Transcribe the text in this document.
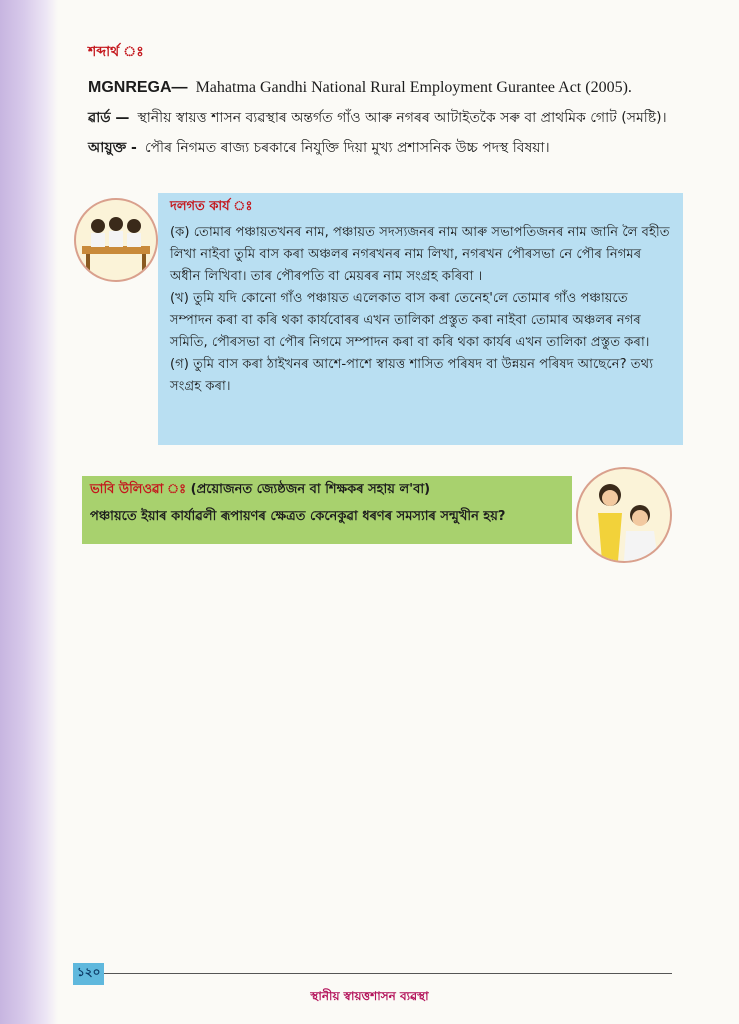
শব্দাৰ্থ ঃ
MGNREGA— Mahatma Gandhi National Rural Employment Gurantee Act (2005).
ৱাৰ্ড — স্থানীয় স্বায়ত্ত শাসন ব্যৱস্থাৰ অন্তৰ্গত গাঁও আৰু নগৰৰ আটাইতকৈ সৰু বা প্ৰাথমিক গোট (সমষ্টি)।
আয়ুক্ত - পৌৰ নিগমত ৰাজ্য চৰকাৰে নিযুক্তি দিয়া মুখ্য প্ৰশাসনিক উচ্চ পদস্থ বিষয়া।
দলগত কাৰ্য ঃ

(ক) তোমাৰ পঞ্চায়তখনৰ নাম, পঞ্চায়ত সদস্যজনৰ নাম আৰু সভাপতিজনৰ নাম জানি লৈ বহীত লিখা নাইবা তুমি বাস কৰা অঞ্চলৰ নগৰখনৰ নাম লিখা, নগৰখন পৌৰসভা নে পৌৰ নিগমৰ অধীন লিখিবা। তাৰ পৌৰপতি বা মেয়ৰৰ নাম সংগ্ৰহ কৰিবা ।

(খ) তুমি যদি কোনো গাঁও পঞ্চায়ত এলেকাত বাস কৰা তেনেহ'লে তোমাৰ গাঁও পঞ্চায়তে সম্পাদন কৰা বা কৰি থকা কাৰ্যবোৰৰ এখন তালিকা প্ৰস্তুত কৰা নাইবা তোমাৰ অঞ্চলৰ নগৰ সমিতি, পৌৰসভা বা পৌৰ নিগমে সম্পাদন কৰা বা কৰি থকা কাৰ্যৰ এখন তালিকা প্ৰস্তুত কৰা।

(গ) তুমি বাস কৰা ঠাইখনৰ আশে-পাশে স্বায়ত্ত শাসিত পৰিষদ বা উন্নয়ন পৰিষদ আছেনে? তথ্য সংগ্ৰহ কৰা।

ভাবি উলিওৱা ঃ (প্ৰয়োজনত জ্যেষ্ঠজন বা শিক্ষকৰ সহায় ল'বা)
পঞ্চায়তে ইয়াৰ কাৰ্যাৱলী ৰূপায়ণৰ ক্ষেত্ৰত কেনেকুৱা ধৰণৰ সমস্যাৰ সন্মুখীন হয়?
১২০
স্থানীয় স্বায়ত্তশাসন ব্যৱস্থা
